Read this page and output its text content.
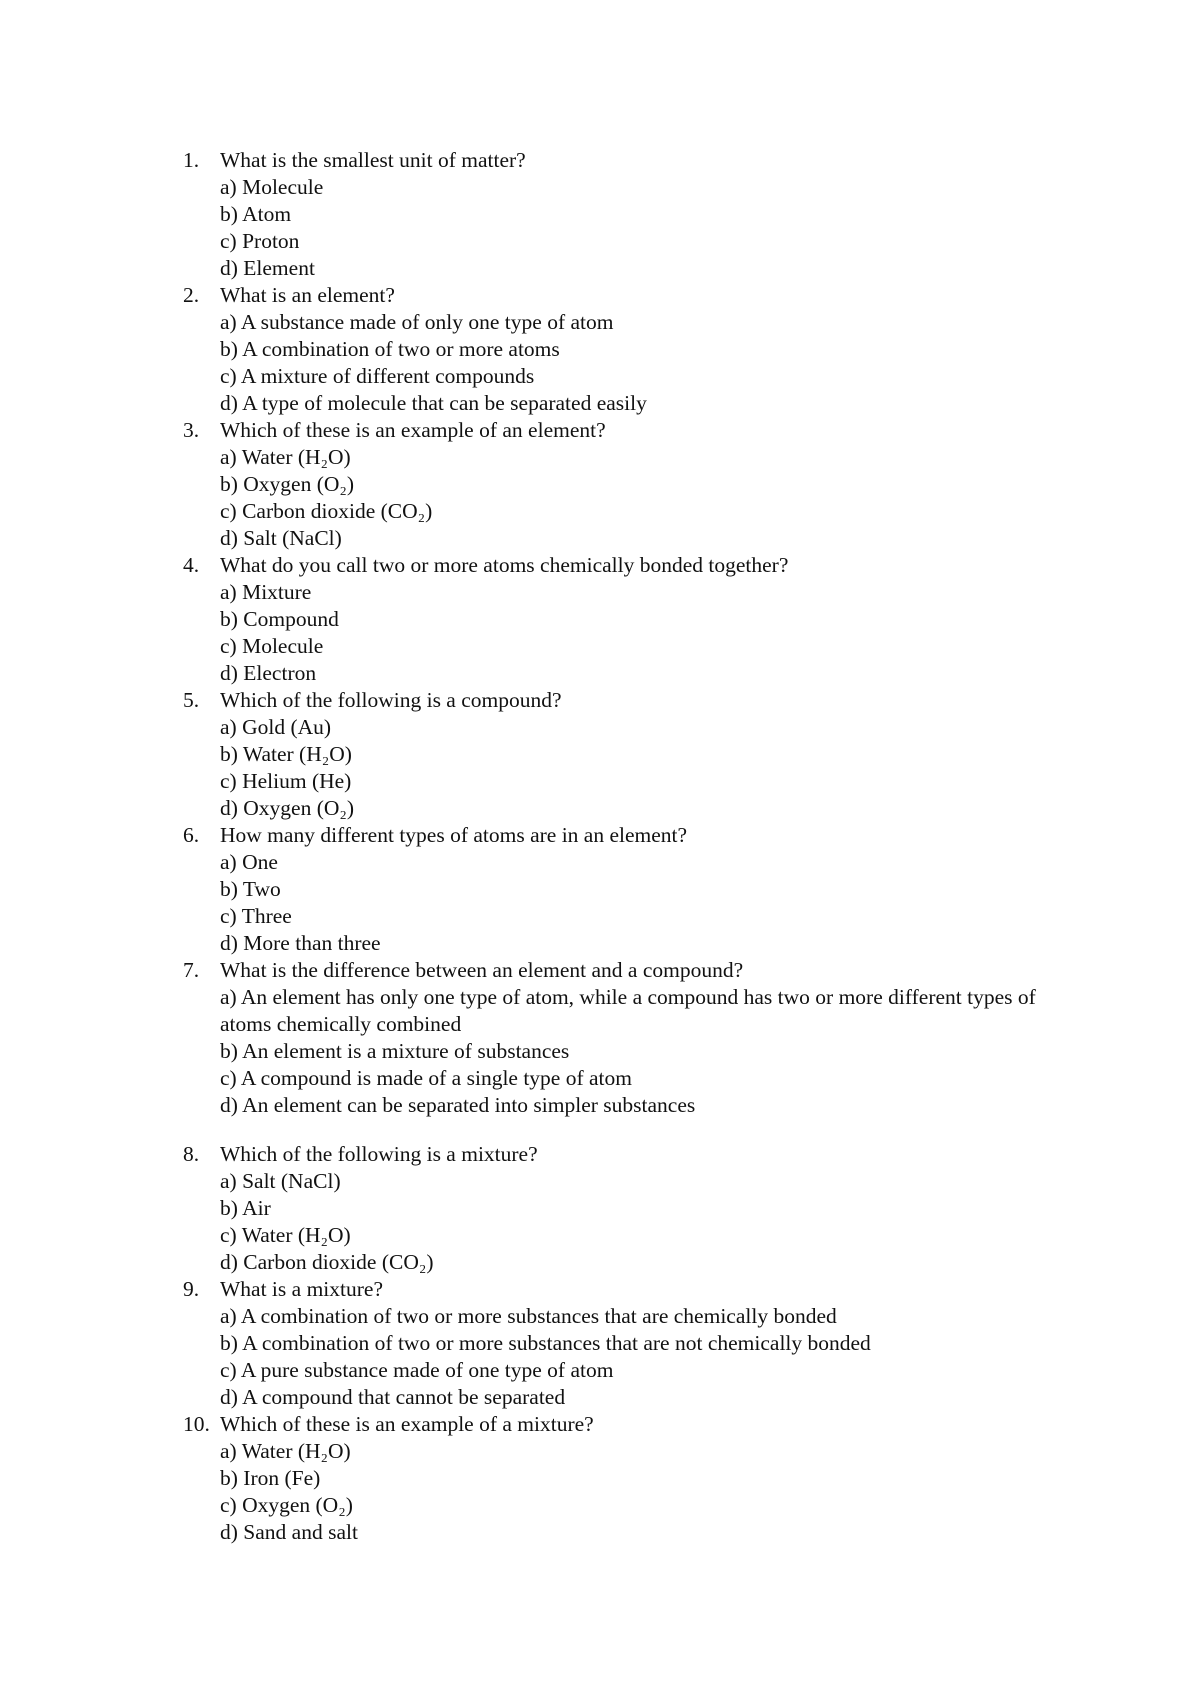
1. What is the smallest unit of matter?
a) Molecule
b) Atom
c) Proton
d) Element
2. What is an element?
a) A substance made of only one type of atom
b) A combination of two or more atoms
c) A mixture of different compounds
d) A type of molecule that can be separated easily
3. Which of these is an example of an element?
a) Water (H₂O)
b) Oxygen (O₂)
c) Carbon dioxide (CO₂)
d) Salt (NaCl)
4. What do you call two or more atoms chemically bonded together?
a) Mixture
b) Compound
c) Molecule
d) Electron
5. Which of the following is a compound?
a) Gold (Au)
b) Water (H₂O)
c) Helium (He)
d) Oxygen (O₂)
6. How many different types of atoms are in an element?
a) One
b) Two
c) Three
d) More than three
7. What is the difference between an element and a compound?
a) An element has only one type of atom, while a compound has two or more different types of atoms chemically combined
b) An element is a mixture of substances
c) A compound is made of a single type of atom
d) An element can be separated into simpler substances
8. Which of the following is a mixture?
a) Salt (NaCl)
b) Air
c) Water (H₂O)
d) Carbon dioxide (CO₂)
9. What is a mixture?
a) A combination of two or more substances that are chemically bonded
b) A combination of two or more substances that are not chemically bonded
c) A pure substance made of one type of atom
d) A compound that cannot be separated
10. Which of these is an example of a mixture?
a) Water (H₂O)
b) Iron (Fe)
c) Oxygen (O₂)
d) Sand and salt
